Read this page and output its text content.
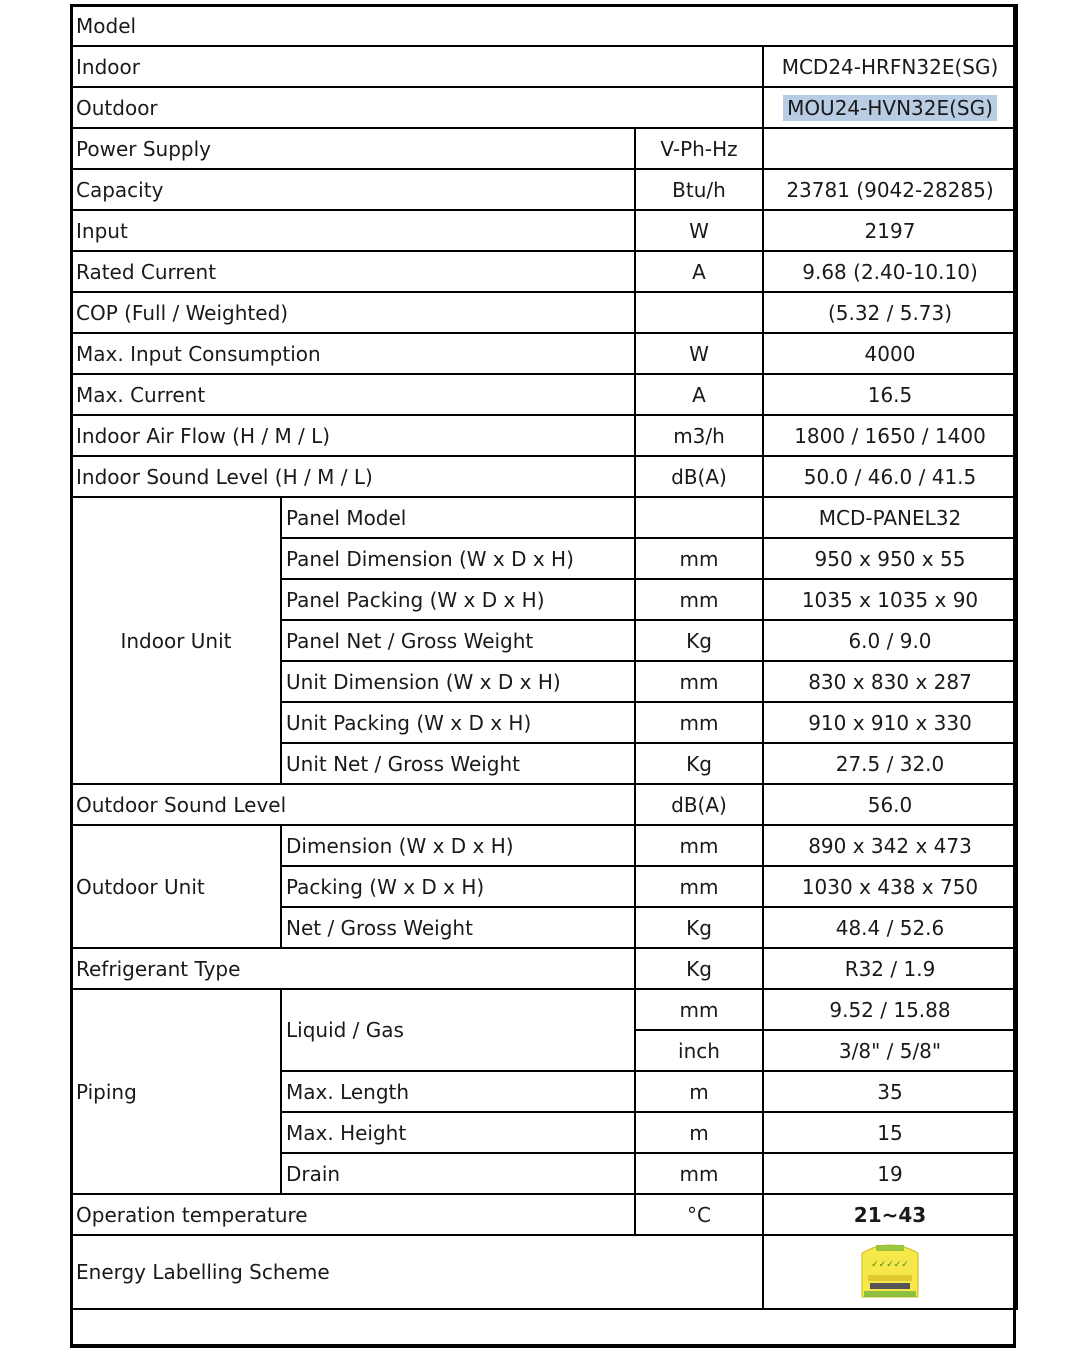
Model			
Indoor			MCD24-HRFN32E(SG)
Outdoor			MOU24-HVN32E(SG)
Power Supply		V-Ph-Hz	
Capacity		Btu/h	23781 (9042-28285)
Input		W	2197
Rated Current		A	9.68 (2.40-10.10)
COP (Full / Weighted)			(5.32 / 5.73)
Max. Input Consumption		W	4000
Max. Current		A	16.5
Indoor Air Flow (H / M / L)		m3/h	1800 / 1650 / 1400
Indoor Sound Level (H / M / L)		dB(A)	50.0 / 46.0 / 41.5
Indoor Unit	Panel Model		MCD-PANEL32
	Panel Dimension (W x D x H)	mm	950 x 950 x 55
	Panel Packing (W x D x H)	mm	1035 x 1035 x 90
	Panel Net / Gross Weight	Kg	6.0 / 9.0
	Unit Dimension (W x D x H)	mm	830 x 830 x 287
	Unit Packing (W x D x H)	mm	910 x 910 x 330
	Unit Net / Gross Weight	Kg	27.5 / 32.0
Outdoor Sound Level		dB(A)	56.0
Outdoor Unit	Dimension (W x D x H)	mm	890 x 342 x 473
	Packing (W x D x H)	mm	1030 x 438 x 750
	Net / Gross Weight	Kg	48.4 / 52.6
Refrigerant Type		Kg	R32 / 1.9
Piping	Liquid / Gas	mm	9.52 / 15.88
		inch	3/8" / 5/8"
	Max. Length	m	35
	Max. Height	m	15
	Drain	mm	19
Operation temperature		°C	21~43
Energy Labelling Scheme			✓✓✓✓✓
